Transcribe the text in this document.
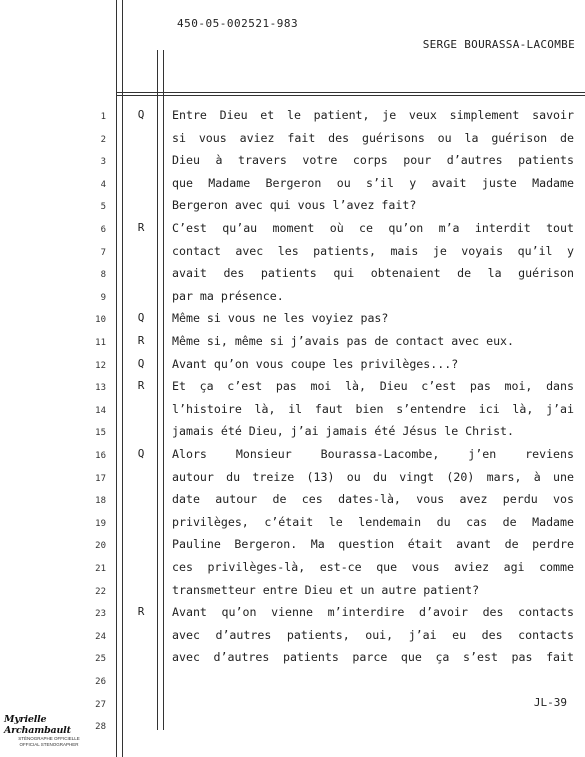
450-05-002521-983
SERGE BOURASSA-LACOMBE
1	Q	Entre Dieu et le patient, je veux simplement savoir
2	si vous aviez fait des guérisons ou la guérison de
3	Dieu à travers votre corps pour d’autres patients
4	que Madame Bergeron ou s’il y avait juste Madame
5	Bergeron avec qui vous l’avez fait?
6	R	C’est qu’au moment où ce qu’on m’a interdit tout
7	contact avec les patients, mais je voyais qu’il y
8	avait des patients qui obtenaient de la guérison
9	par ma présence.
10	Q	Même si vous ne les voyiez pas?
11	R	Même si, même si j’avais pas de contact avec eux.
12	Q	Avant qu’on vous coupe les privilèges...?
13	R	Et ça c’est pas moi là, Dieu c’est pas moi, dans
14	l’histoire là, il faut bien s’entendre ici là, j’ai
15	jamais été Dieu, j’ai jamais été Jésus le Christ.
16	Q	Alors Monsieur Bourassa-Lacombe, j’en reviens
17	autour du treize (13) ou du vingt (20) mars, à une
18	date autour de ces dates-là, vous avez perdu vos
19	privilèges, c’était le lendemain du cas de Madame
20	Pauline Bergeron. Ma question était avant de perdre
21	ces privilèges-là, est-ce que vous aviez agi comme
22	transmetteur entre Dieu et un autre patient?
23	R	Avant qu’on vienne m’interdire d’avoir des contacts
24	avec d’autres patients, oui, j’ai eu des contacts
25	avec d’autres patients parce que ça s’est pas fait
26
27
28
JL-39
Myrielle Archambault
STÉNOGRAPHE OFFICIELLE
OFFICIAL STENOGRAPHER
